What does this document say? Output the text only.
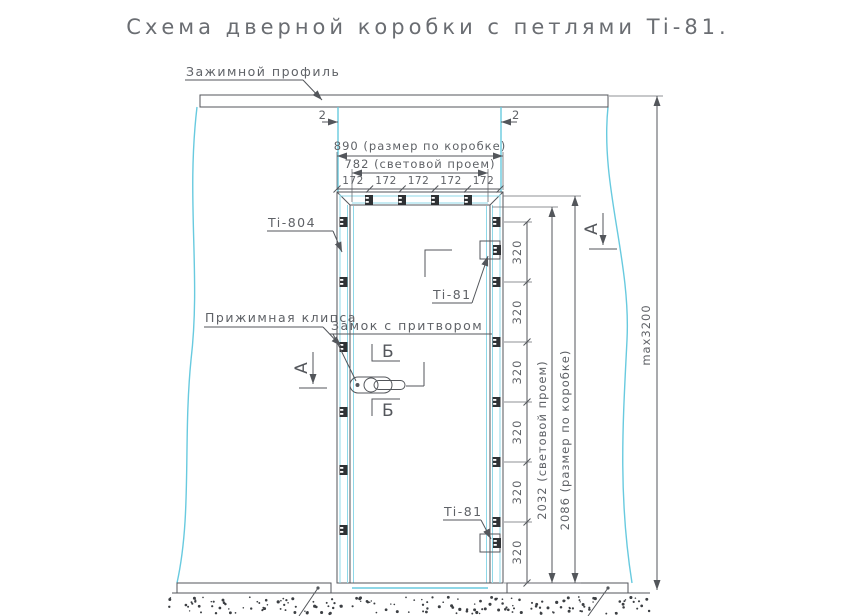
Схема дверной коробки с петлями Ti-81.
2	2
890 (размер по коробке)
782 (световой проем)
172 172 172 172 172
320
320
320
320
320
320
2032 (световой проем) 2086 (размер по коробке)
max3200
Зажимной профиль
Ti-804
Прижимная клипса
Замок с притвором
Ti-81
Ti-81
А
А
Б
Б
